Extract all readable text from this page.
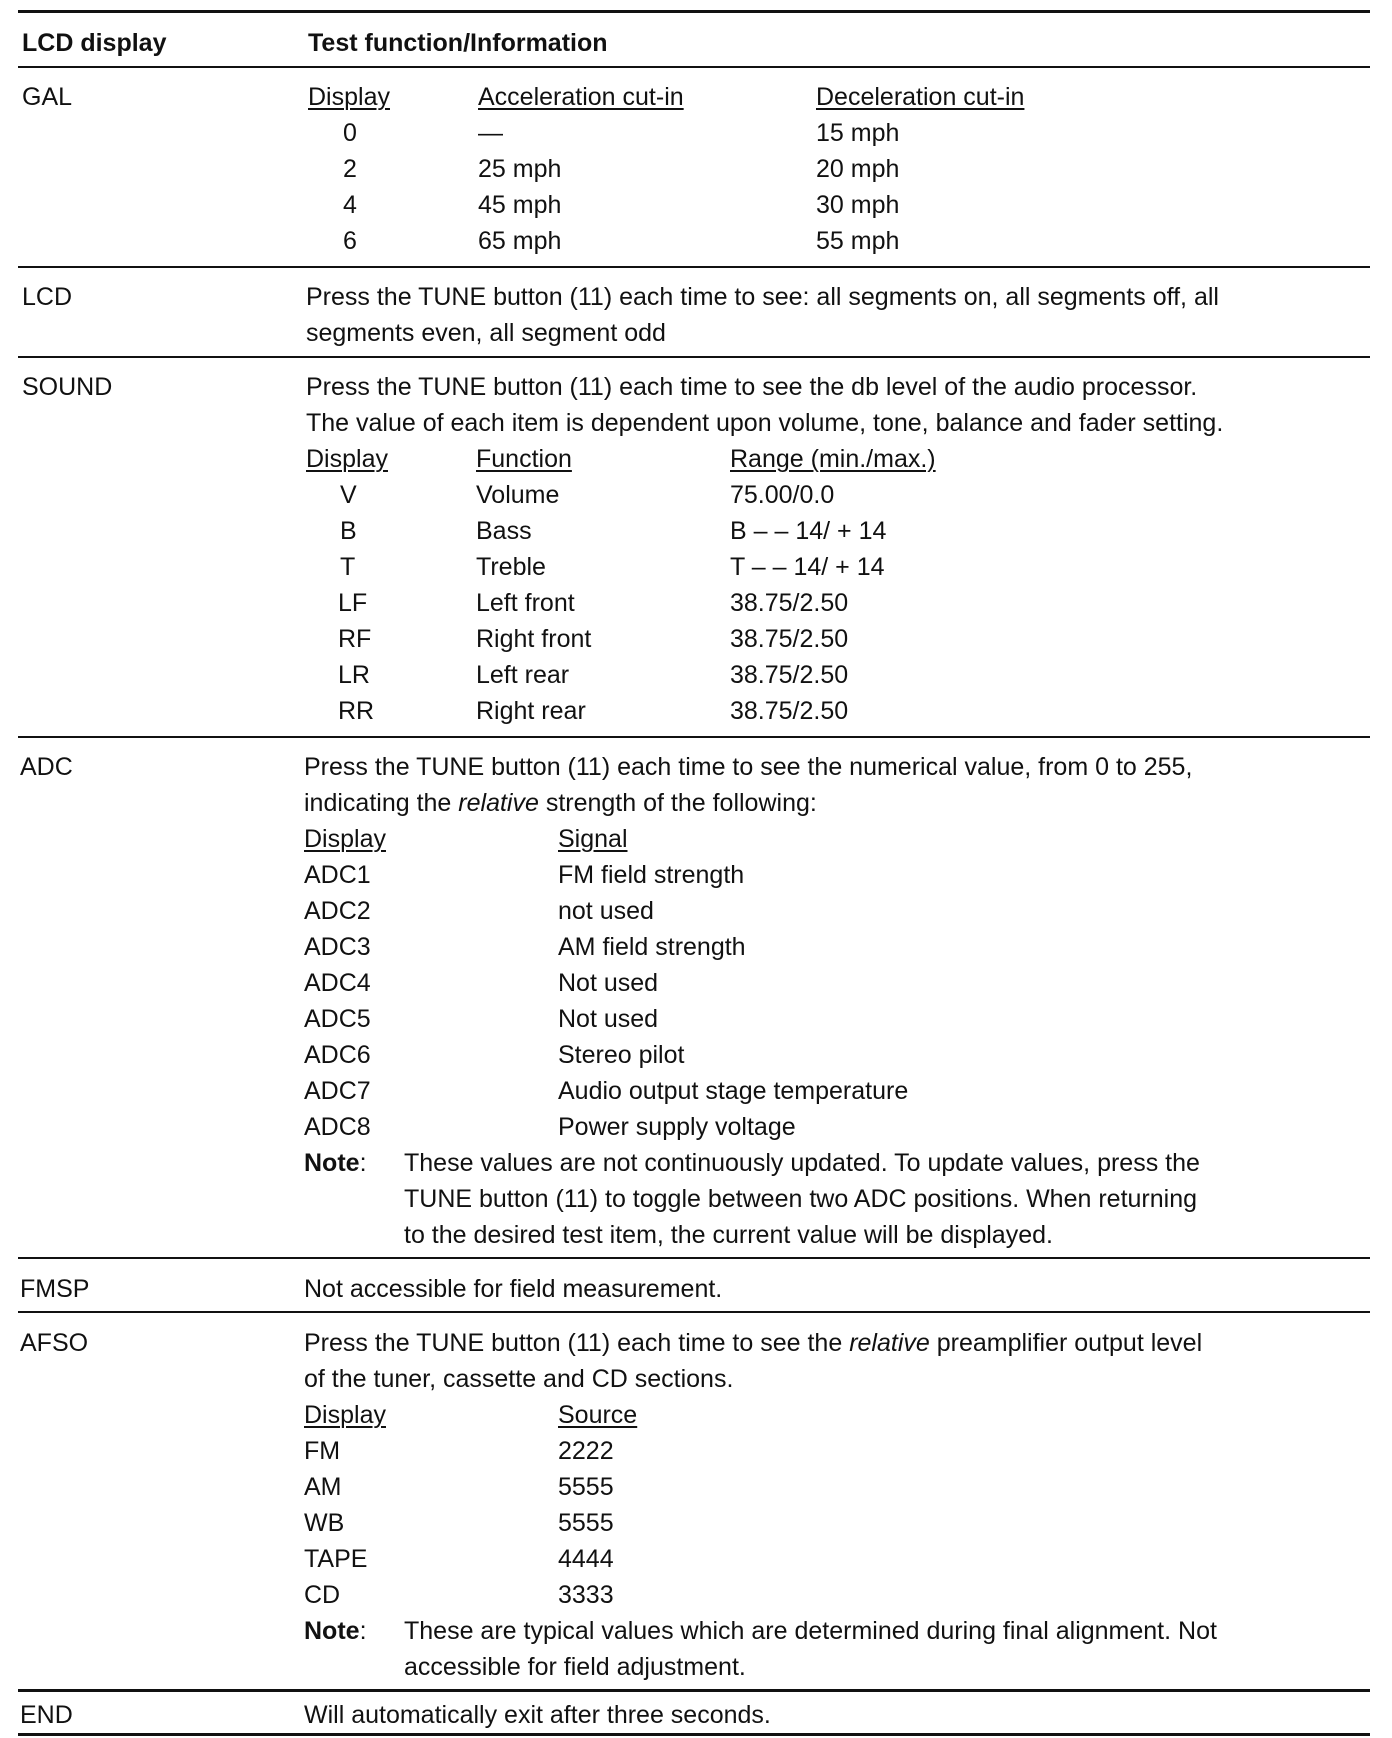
LCD display	Test function/Information
GAL	Display	Acceleration cut-in	Deceleration cut-in
0	—	15 mph
2	25 mph	20 mph
4	45 mph	30 mph
6	65 mph	55 mph
LCD	Press the TUNE button (11) each time to see: all segments on, all segments off, all
segments even, all segment odd
SOUND	Press the TUNE button (11) each time to see the db level of the audio processor.
The value of each item is dependent upon volume, tone, balance and fader setting.
Display	Function	Range (min./max.)
V	Volume	75.00/0.0
B	Bass	B – – 14/ + 14
T	Treble	T – – 14/ + 14
LF	Left front	38.75/2.50
RF	Right front	38.75/2.50
LR	Left rear	38.75/2.50
RR	Right rear	38.75/2.50
ADC	Press the TUNE button (11) each time to see the numerical value, from 0 to 255,
indicating the relative strength of the following:
Display	Signal
ADC1	FM field strength
ADC2	not used
ADC3	AM field strength
ADC4	Not used
ADC5	Not used
ADC6	Stereo pilot
ADC7	Audio output stage temperature
ADC8	Power supply voltage
Note: These values are not continuously updated. To update values, press the
TUNE button (11) to toggle between two ADC positions. When returning
to the desired test item, the current value will be displayed.
FMSP	Not accessible for field measurement.
AFSO	Press the TUNE button (11) each time to see the relative preamplifier output level
of the tuner, cassette and CD sections.
Display	Source
FM	2222
AM	5555
WB	5555
TAPE	4444
CD	3333
Note: These are typical values which are determined during final alignment. Not
accessible for field adjustment.
END	Will automatically exit after three seconds.
